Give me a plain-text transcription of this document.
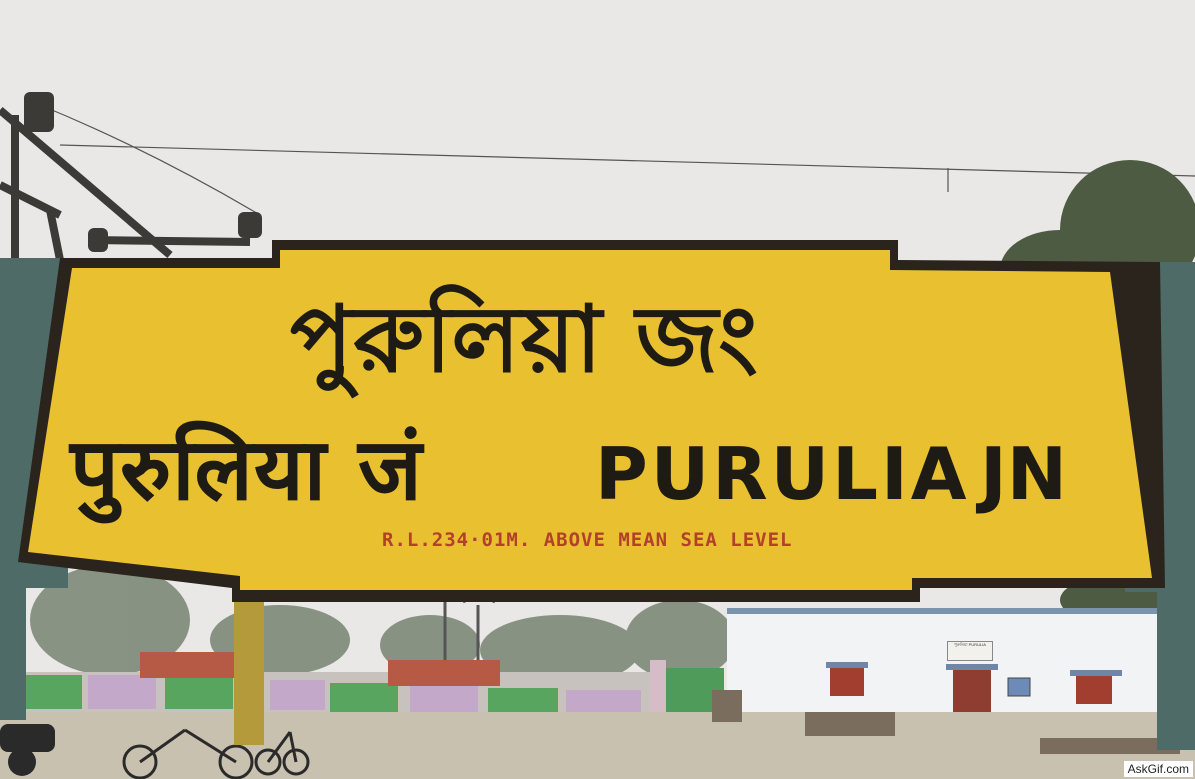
পুরুলিয়া জং
पुरुलिया जं PURULIA JN
R.L.234·01M. ABOVE MEAN SEA LEVEL
পুরুলিয়া PURULIA
AskGif.com
